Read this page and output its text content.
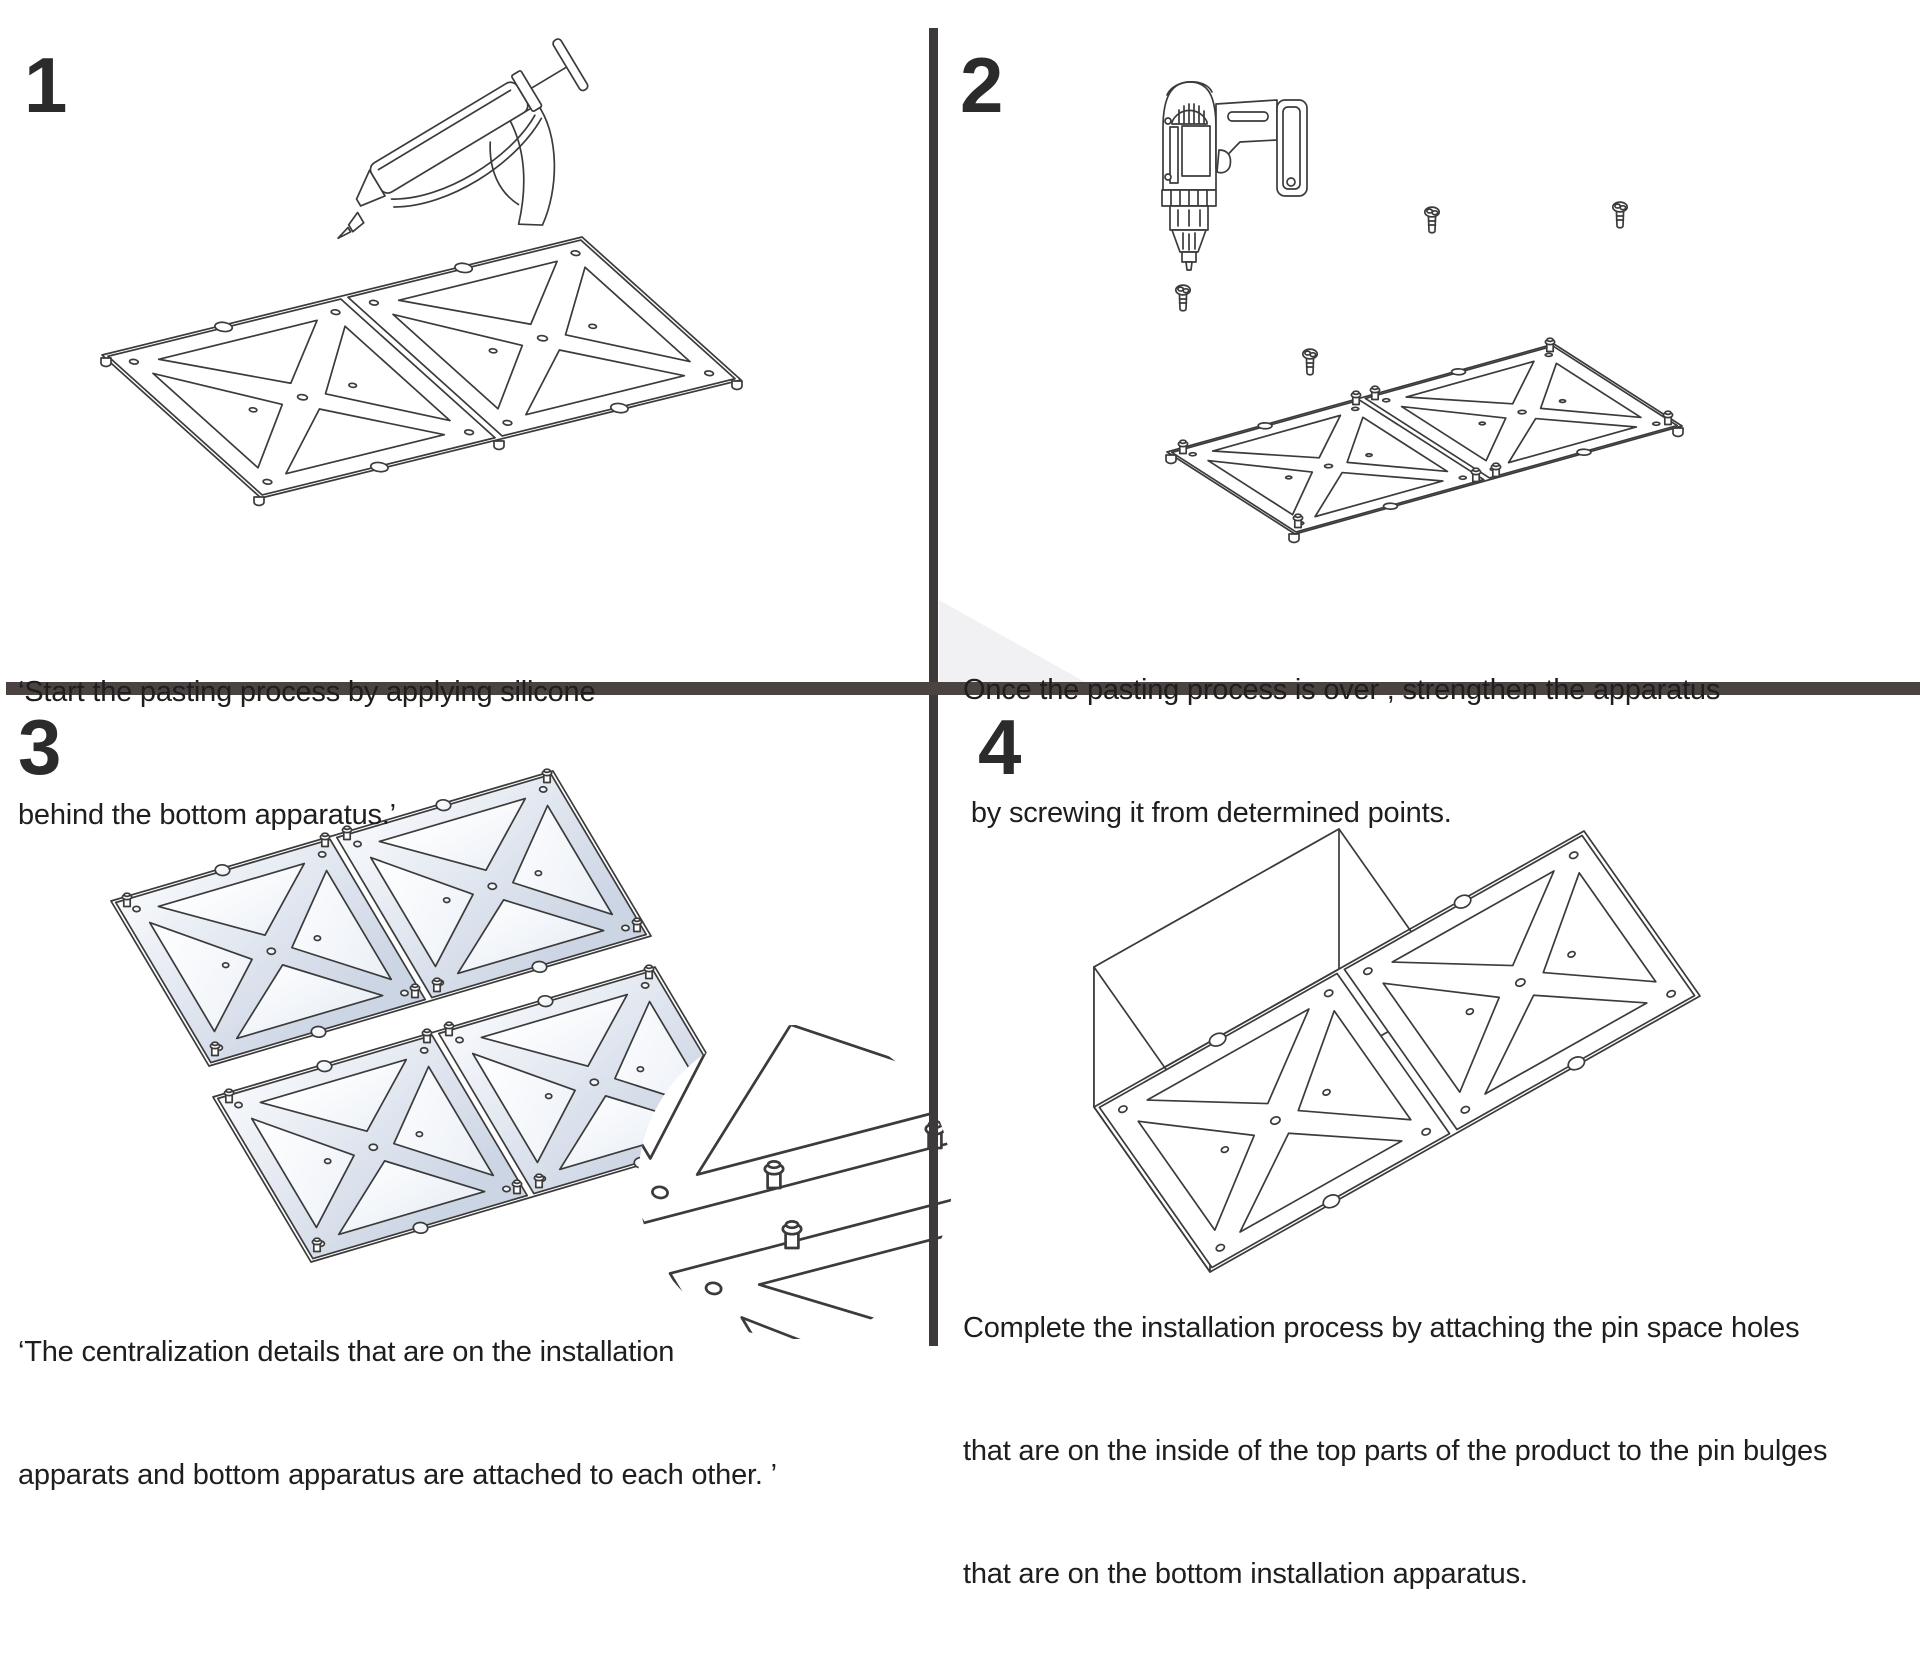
1	2
3	4

‘Start the pasting process by applying silicone

behind the bottom apparatus.’

Once the pasting process is over , strengthen the apparatus

by screwing it from determined points.

‘The centralization details that are on the installation

apparats and bottom apparatus are attached to each other. ’

Complete the installation process by attaching the pin space holes

that are on the inside of the top parts of the product to the pin bulges

that are on the bottom installation apparatus.
